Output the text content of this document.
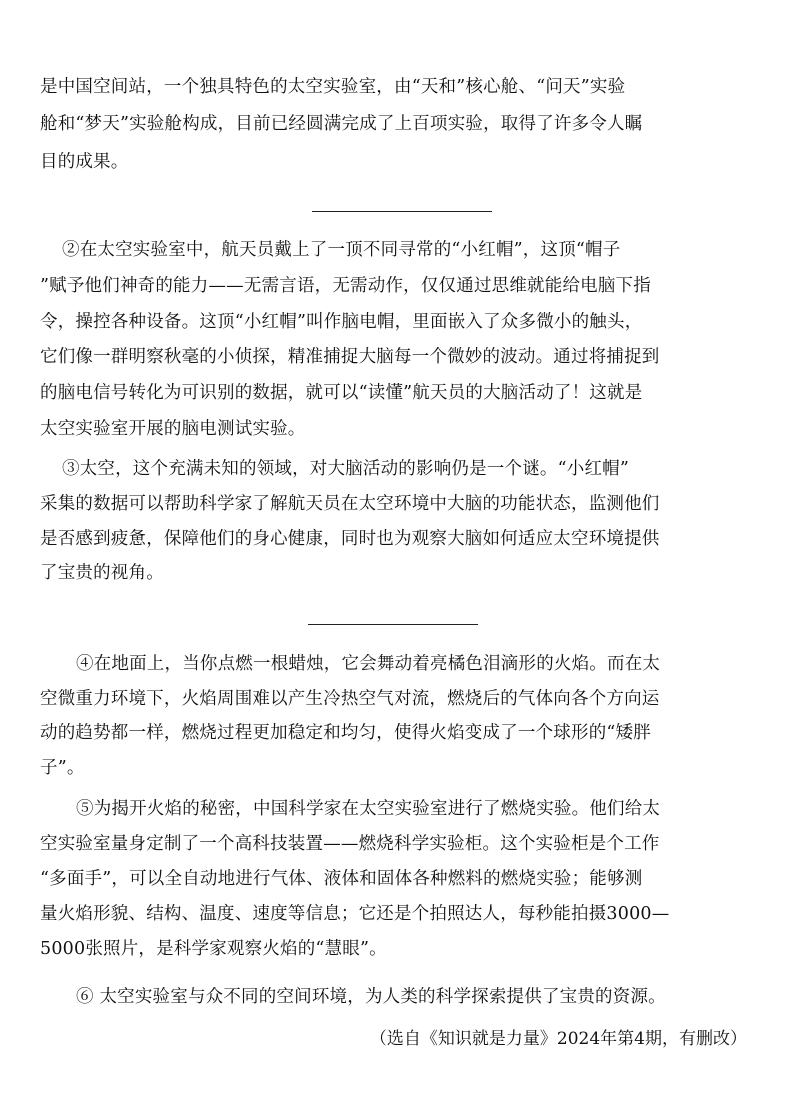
是中国空间站，一个独具特色的太空实验室，由“天和”核心舱、“问天”实验
舱和“梦天”实验舱构成，目前已经圆满完成了上百项实验，取得了许多令人瞩
目的成果。
②在太空实验室中，航天员戴上了一顶不同寻常的“小红帽”，这顶“帽子
”赋予他们神奇的能力——无需言语，无需动作，仅仅通过思维就能给电脑下指
令，操控各种设备。这顶“小红帽”叫作脑电帽，里面嵌入了众多微小的触头，
它们像一群明察秋毫的小侦探，精准捕捉大脑每一个微妙的波动。通过将捕捉到
的脑电信号转化为可识别的数据，就可以“读懂”航天员的大脑活动了！这就是
太空实验室开展的脑电测试实验。
③太空，这个充满未知的领域，对大脑活动的影响仍是一个谜。“小红帽”
采集的数据可以帮助科学家了解航天员在太空环境中大脑的功能状态，监测他们
是否感到疲惫，保障他们的身心健康，同时也为观察大脑如何适应太空环境提供
了宝贵的视角。
④在地面上，当你点燃一根蜡烛，它会舞动着亮橘色泪滴形的火焰。而在太
空微重力环境下，火焰周围难以产生冷热空气对流，燃烧后的气体向各个方向运
动的趋势都一样，燃烧过程更加稳定和均匀，使得火焰变成了一个球形的“矮胖
子”。
⑤为揭开火焰的秘密，中国科学家在太空实验室进行了燃烧实验。他们给太
空实验室量身定制了一个高科技装置——燃烧科学实验柜。这个实验柜是个工作
“多面手”，可以全自动地进行气体、液体和固体各种燃料的燃烧实验；能够测
量火焰形貌、结构、温度、速度等信息；它还是个拍照达人，每秒能拍摄3000—
5000张照片，是科学家观察火焰的“慧眼”。
⑥ 太空实验室与众不同的空间环境，为人类的科学探索提供了宝贵的资源。
（选自《知识就是力量》2024年第4期，有删改）
